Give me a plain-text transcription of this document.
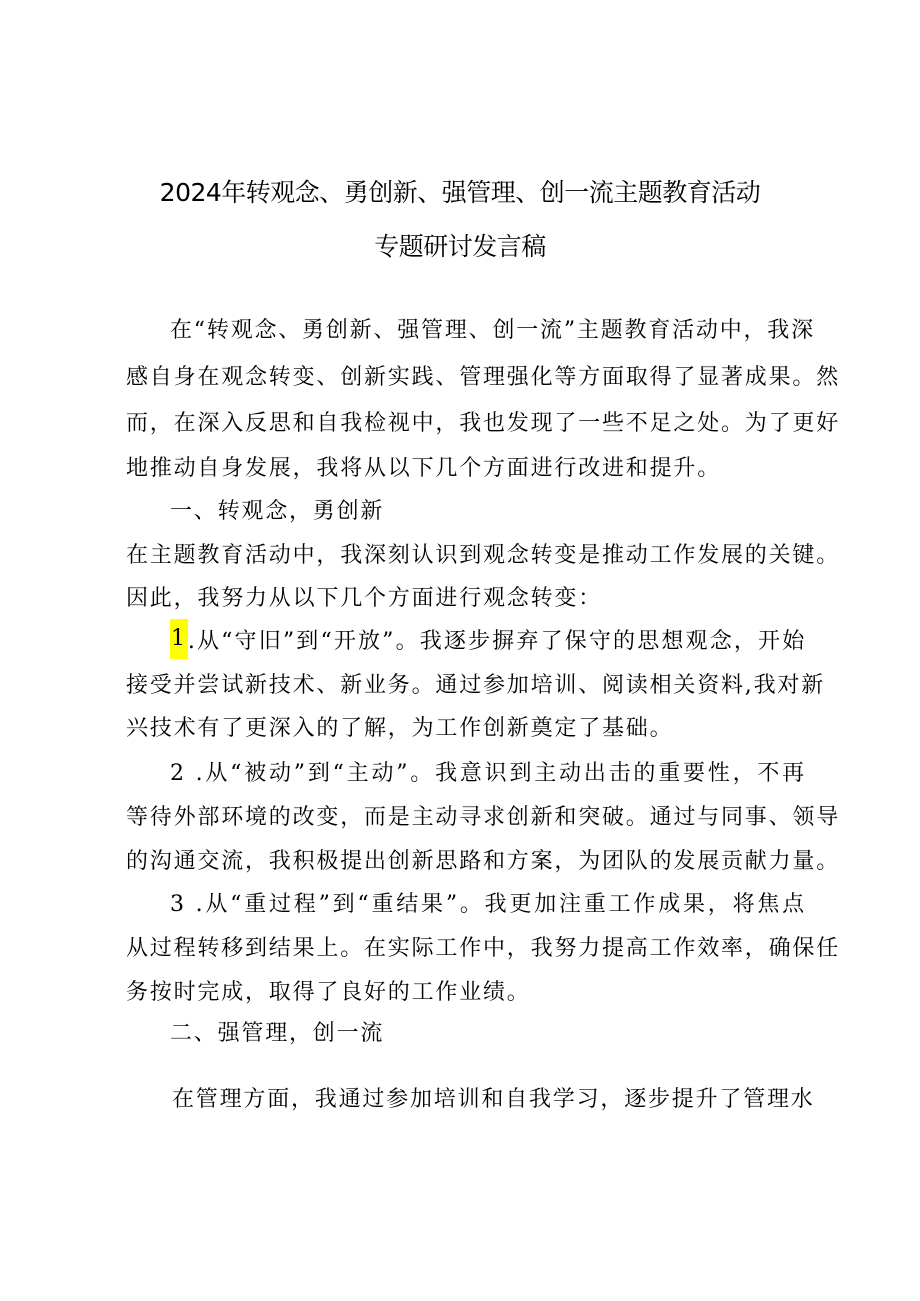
2024年转观念、勇创新、强管理、创一流主题教育活动
专题研讨发言稿

在“转观念、勇创新、强管理、创一流”主题教育活动中，我深

感自身在观念转变、创新实践、管理强化等方面取得了显著成果。然

而，在深入反思和自我检视中，我也发现了一些不足之处。为了更好

地推动自身发展，我将从以下几个方面进行改进和提升。

一、转观念，勇创新

在主题教育活动中，我深刻认识到观念转变是推动工作发展的关键。

因此，我努力从以下几个方面进行观念转变：

1.从“守旧”到“开放”。我逐步摒弃了保守的思想观念，开始

接受并尝试新技术、新业务。通过参加培训、阅读相关资料,我对新

兴技术有了更深入的了解，为工作创新奠定了基础。

2 .从“被动”到“主动”。我意识到主动出击的重要性，不再

等待外部环境的改变，而是主动寻求创新和突破。通过与同事、领导

的沟通交流，我积极提出创新思路和方案，为团队的发展贡献力量。

3 .从“重过程”到“重结果”。我更加注重工作成果，将焦点

从过程转移到结果上。在实际工作中，我努力提高工作效率，确保任

务按时完成，取得了良好的工作业绩。

二、强管理，创一流

在管理方面，我通过参加培训和自我学习，逐步提升了管理水
